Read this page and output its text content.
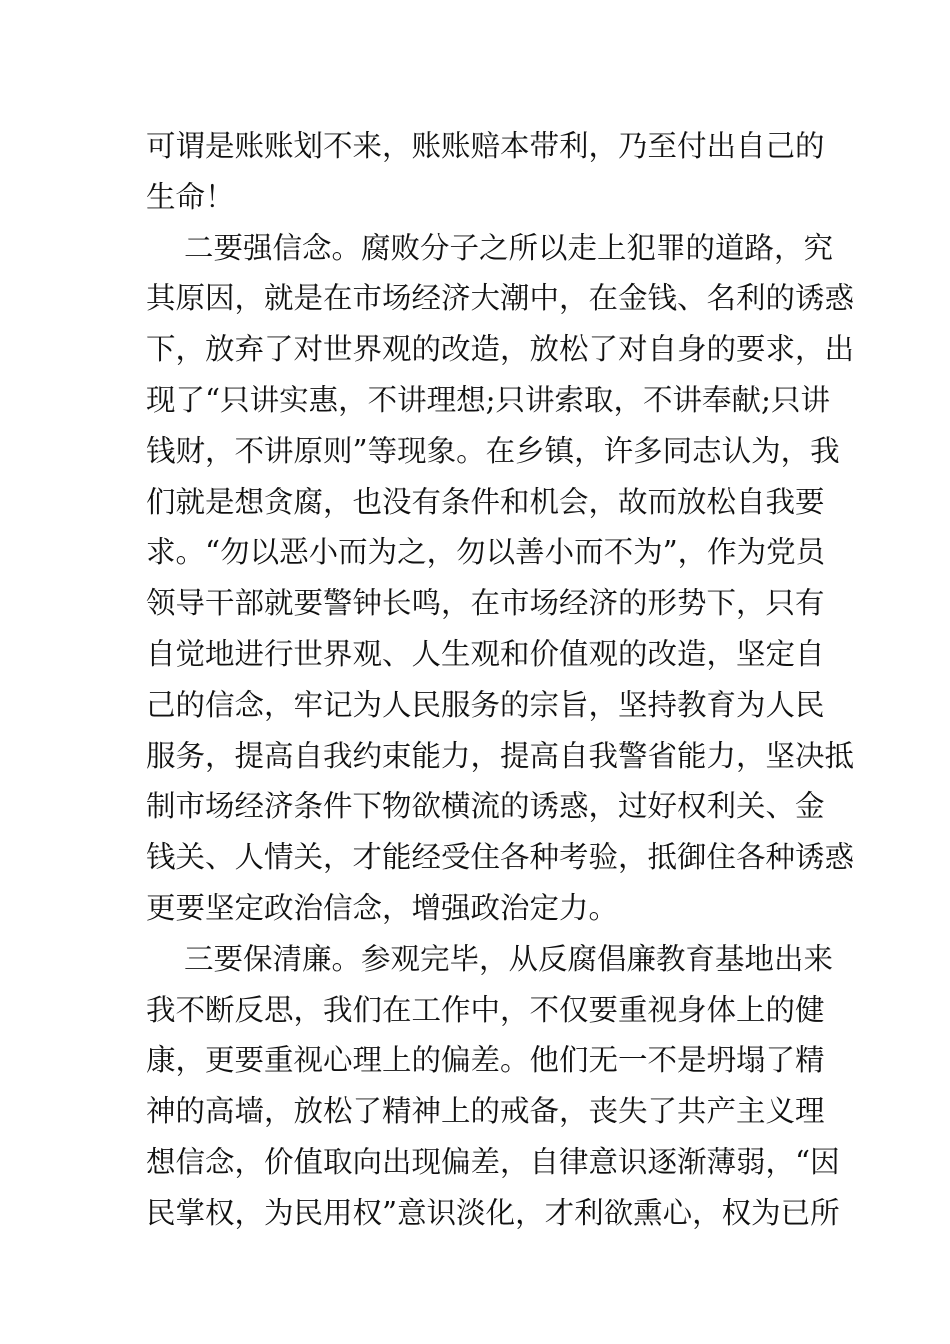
可谓是账账划不来，账账赔本带利，乃至付出自己的
生命！
二要强信念。腐败分子之所以走上犯罪的道路，究
其原因，就是在市场经济大潮中，在金钱、名利的诱惑
下，放弃了对世界观的改造，放松了对自身的要求，出
现了“只讲实惠，不讲理想;只讲索取，不讲奉献;只讲
钱财，不讲原则”等现象。在乡镇，许多同志认为，我
们就是想贪腐，也没有条件和机会，故而放松自我要
求。“勿以恶小而为之，勿以善小而不为”，作为党员
领导干部就要警钟长鸣，在市场经济的形势下，只有
自觉地进行世界观、人生观和价值观的改造，坚定自
己的信念，牢记为人民服务的宗旨，坚持教育为人民
服务，提高自我约束能力，提高自我警省能力，坚决抵
制市场经济条件下物欲横流的诱惑，过好权利关、金
钱关、人情关，才能经受住各种考验，抵御住各种诱惑
更要坚定政治信念，增强政治定力。
三要保清廉。参观完毕，从反腐倡廉教育基地出来
我不断反思，我们在工作中，不仅要重视身体上的健
康，更要重视心理上的偏差。他们无一不是坍塌了精
神的高墙，放松了精神上的戒备，丧失了共产主义理
想信念，价值取向出现偏差，自律意识逐渐薄弱，“因
民掌权，为民用权”意识淡化，才利欲熏心，权为已所
